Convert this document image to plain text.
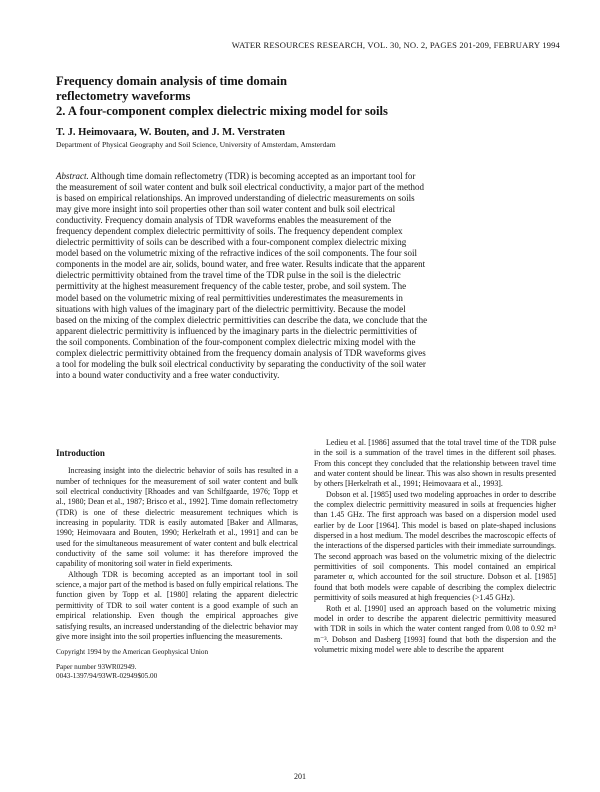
WATER RESOURCES RESEARCH, VOL. 30, NO. 2, PAGES 201-209, FEBRUARY 1994
Frequency domain analysis of time domain
reflectometry waveforms
2. A four-component complex dielectric mixing model for soils
T. J. Heimovaara, W. Bouten, and J. M. Verstraten
Department of Physical Geography and Soil Science, University of Amsterdam, Amsterdam
Abstract. Although time domain reflectometry (TDR) is becoming accepted as an important tool for the measurement of soil water content and bulk soil electrical conductivity, a major part of the method is based on empirical relationships. An improved understanding of dielectric measurements on soils may give more insight into soil properties other than soil water content and bulk soil electrical conductivity. Frequency domain analysis of TDR waveforms enables the measurement of the frequency dependent complex dielectric permittivity of soils. The frequency dependent complex dielectric permittivity of soils can be described with a four-component complex dielectric mixing model based on the volumetric mixing of the refractive indices of the soil components. The four soil components in the model are air, solids, bound water, and free water. Results indicate that the apparent dielectric permittivity obtained from the travel time of the TDR pulse in the soil is the dielectric permittivity at the highest measurement frequency of the cable tester, probe, and soil system. The model based on the volumetric mixing of real permittivities underestimates the measurements in situations with high values of the imaginary part of the dielectric permittivity. Because the model based on the mixing of the complex dielectric permittivities can describe the data, we conclude that the apparent dielectric permittivity is influenced by the imaginary parts in the dielectric permittivities of the soil components. Combination of the four-component complex dielectric mixing model with the complex dielectric permittivity obtained from the frequency domain analysis of TDR waveforms gives a tool for modeling the bulk soil electrical conductivity by separating the conductivity of the soil water into a bound water conductivity and a free water conductivity.
Introduction

Increasing insight into the dielectric behavior of soils has resulted in a number of techniques for the measurement of soil water content and bulk soil electrical conductivity [Rhoades and van Schilfgaarde, 1976; Topp et al., 1980; Dean et al., 1987; Brisco et al., 1992]. Time domain reflectometry (TDR) is one of these dielectric measurement techniques which is increasing in popularity. TDR is easily automated [Baker and Allmaras, 1990; Heimovaara and Bouten, 1990; Herkelrath et al., 1991] and can be used for the simultaneous measurement of water content and bulk electrical conductivity of the same soil volume: it has therefore improved the capability of monitoring soil water in field experiments.

Although TDR is becoming accepted as an important tool in soil science, a major part of the method is based on fully empirical relations. The function given by Topp et al. [1980] relating the apparent dielectric permittivity of TDR to soil water content is a good example of such an empirical relationship. Even though the empirical approaches give satisfying results, an increased understanding of the dielectric behavior may give more insight into the soil properties influencing the measurements.

Copyright 1994 by the American Geophysical Union
Paper number 93WR02949.
0043-1397/94/93WR-02949$05.00

Ledieu et al. [1986] assumed that the total travel time of the TDR pulse in the soil is a summation of the travel times in the different soil phases. From this concept they concluded that the relationship between travel time and water content should be linear. This was also shown in results presented by others [Herkelrath et al., 1991; Heimovaara et al., 1993].

Dobson et al. [1985] used two modeling approaches in order to describe the complex dielectric permittivity measured in soils at frequencies higher than 1.45 GHz. The first approach was based on a dispersion model used earlier by de Loor [1964]. This model is based on plate-shaped inclusions dispersed in a host medium. The model describes the macroscopic effects of the interactions of the dispersed particles with their immediate surroundings. The second approach was based on the volumetric mixing of the dielectric permittivities of soil components. This model contained an empirical parameter α, which accounted for the soil structure. Dobson et al. [1985] found that both models were capable of describing the complex dielectric permittivity of soils measured at high frequencies (>1.45 GHz).

Roth et al. [1990] used an approach based on the volumetric mixing model in order to describe the apparent dielectric permittivity measured with TDR in soils in which the water content ranged from 0.08 to 0.92 m³ m⁻³. Dobson and Dasberg [1993] found that both the dispersion and the volumetric mixing model were able to describe the apparent

201
